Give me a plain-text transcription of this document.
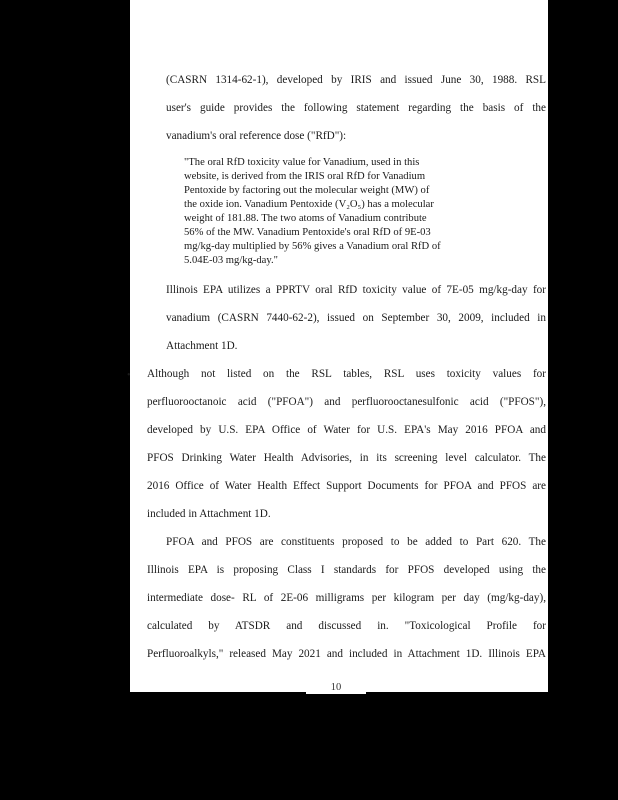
(CASRN 1314-62-1), developed by IRIS and issued June 30, 1988. RSL
user's guide provides the following statement regarding the basis of the
vanadium's oral reference dose ("RfD"):
"The oral RfD toxicity value for Vanadium, used in this
website, is derived from the IRIS oral RfD for Vanadium
Pentoxide by factoring out the molecular weight (MW) of
the oxide ion. Vanadium Pentoxide (V₂O₅) has a molecular
weight of 181.88. The two atoms of Vanadium contribute
56% of the MW. Vanadium Pentoxide's oral RfD of 9E-03
mg/kg-day multiplied by 56% gives a Vanadium oral RfD of
5.04E-03 mg/kg-day."
Illinois EPA utilizes a PPRTV oral RfD toxicity value of 7E-05 mg/kg-day for
vanadium (CASRN 7440-62-2), issued on September 30, 2009, included in
Attachment 1D.
• Although not listed on the RSL tables, RSL uses toxicity values for
perfluorooctanoic acid ("PFOA") and perfluorooctanesulfonic acid ("PFOS"),
developed by U.S. EPA Office of Water for U.S. EPA's May 2016 PFOA and
PFOS Drinking Water Health Advisories, in its screening level calculator. The
2016 Office of Water Health Effect Support Documents for PFOA and PFOS are
included in Attachment 1D.
PFOA and PFOS are constituents proposed to be added to Part 620. The
Illinois EPA is proposing Class I standards for PFOS developed using the
intermediate dose- RL of 2E-06 milligrams per kilogram per day (mg/kg-day),
calculated by ATSDR and discussed in. "Toxicological Profile for
Perfluoroalkyls," released May 2021 and included in Attachment 1D. Illinois EPA
10
